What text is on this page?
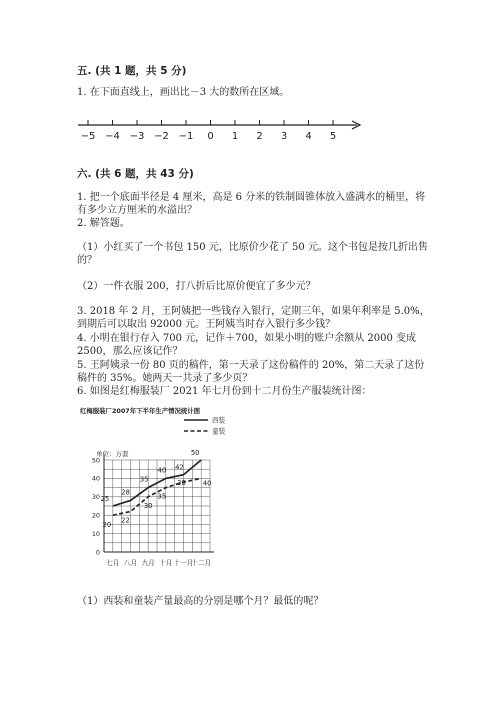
五. (共 1 题，共 5 分)
1. 在下面直线上，画出比－3 大的数所在区域。
−5 −4 −3 −2 −1 0 1 2 3 4 5
六. (共 6 题，共 43 分)
1. 把一个底面半径是 4 厘米，高是 6 分米的铁制圆锥体放入盛满水的桶里，将有多少立方厘米的水溢出？
2. 解答题。
（1）小红买了一个书包 150 元，比原价少花了 50 元。这个书包是按几折出售的？
（2）一件衣服 200，打八折后比原价便宜了多少元？
3. 2018 年 2 月，王阿姨把一些钱存入银行，定期三年，如果年利率是 5.0%，到期后可以取出 92000 元。王阿姨当时存入银行多少钱？
4. 小明在银行存入 700 元，记作＋700，如果小明的账户余额从 2000 变成 2500，那么应该记作？
5. 王阿姨录一份 80 页的稿件，第一天录了这份稿件的 20%，第二天录了这份稿件的 35%。她两天一共录了多少页？
6. 如图是红梅服装厂 2021 年七月份到十二月份生产服装统计图：
红梅服装厂2007年下半年生产情况统计图
单位：万套
西装
童装
0
10
20
30
40
50
七月 八月 九月 十月 十一月
十二月
25
28
35
40 42
50
20
22
30
35
38	40
（1）西装和童装产量最高的分别是哪个月？最低的呢？
